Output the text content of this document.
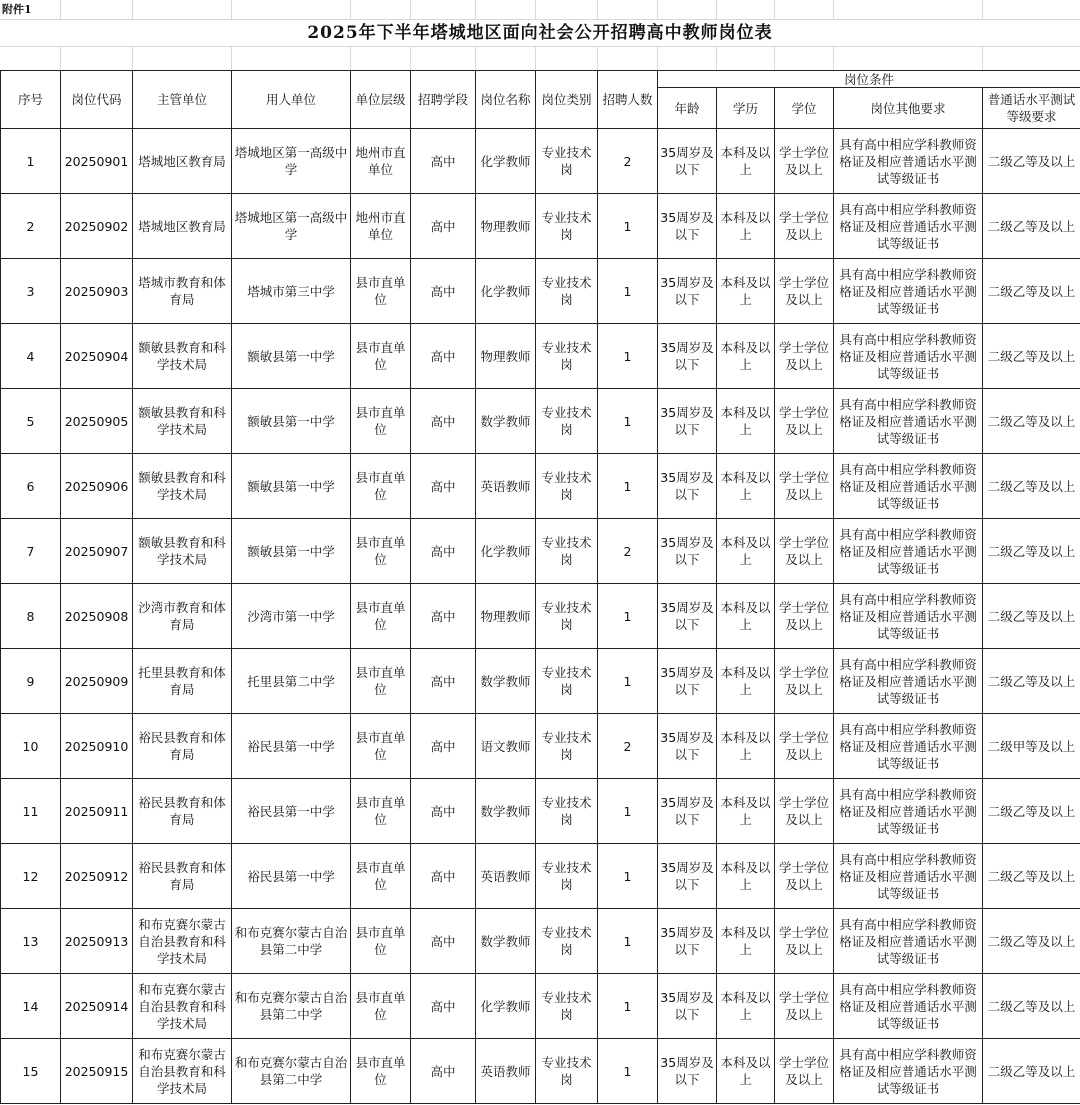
附件1
2025年下半年塔城地区面向社会公开招聘高中教师岗位表
序号	岗位代码	主管单位	用人单位	单位层级	招聘学段	岗位名称	岗位类别	招聘人数	岗位条件				
									年龄	学历	学位	岗位其他要求	普通话水平测试等级要求
1	20250901	塔城地区教育局	塔城地区第一高级中学	地州市直单位	高中	化学教师	专业技术岗	2	35周岁及以下	本科及以上	学士学位及以上	具有高中相应学科教师资格证及相应普通话水平测试等级证书	二级乙等及以上
2	20250902	塔城地区教育局	塔城地区第一高级中学	地州市直单位	高中	物理教师	专业技术岗	1	35周岁及以下	本科及以上	学士学位及以上	具有高中相应学科教师资格证及相应普通话水平测试等级证书	二级乙等及以上
3	20250903	塔城市教育和体育局	塔城市第三中学	县市直单位	高中	化学教师	专业技术岗	1	35周岁及以下	本科及以上	学士学位及以上	具有高中相应学科教师资格证及相应普通话水平测试等级证书	二级乙等及以上
4	20250904	额敏县教育和科学技术局	额敏县第一中学	县市直单位	高中	物理教师	专业技术岗	1	35周岁及以下	本科及以上	学士学位及以上	具有高中相应学科教师资格证及相应普通话水平测试等级证书	二级乙等及以上
5	20250905	额敏县教育和科学技术局	额敏县第一中学	县市直单位	高中	数学教师	专业技术岗	1	35周岁及以下	本科及以上	学士学位及以上	具有高中相应学科教师资格证及相应普通话水平测试等级证书	二级乙等及以上
6	20250906	额敏县教育和科学技术局	额敏县第一中学	县市直单位	高中	英语教师	专业技术岗	1	35周岁及以下	本科及以上	学士学位及以上	具有高中相应学科教师资格证及相应普通话水平测试等级证书	二级乙等及以上
7	20250907	额敏县教育和科学技术局	额敏县第一中学	县市直单位	高中	化学教师	专业技术岗	2	35周岁及以下	本科及以上	学士学位及以上	具有高中相应学科教师资格证及相应普通话水平测试等级证书	二级乙等及以上
8	20250908	沙湾市教育和体育局	沙湾市第一中学	县市直单位	高中	物理教师	专业技术岗	1	35周岁及以下	本科及以上	学士学位及以上	具有高中相应学科教师资格证及相应普通话水平测试等级证书	二级乙等及以上
9	20250909	托里县教育和体育局	托里县第二中学	县市直单位	高中	数学教师	专业技术岗	1	35周岁及以下	本科及以上	学士学位及以上	具有高中相应学科教师资格证及相应普通话水平测试等级证书	二级乙等及以上
10	20250910	裕民县教育和体育局	裕民县第一中学	县市直单位	高中	语文教师	专业技术岗	2	35周岁及以下	本科及以上	学士学位及以上	具有高中相应学科教师资格证及相应普通话水平测试等级证书	二级甲等及以上
11	20250911	裕民县教育和体育局	裕民县第一中学	县市直单位	高中	数学教师	专业技术岗	1	35周岁及以下	本科及以上	学士学位及以上	具有高中相应学科教师资格证及相应普通话水平测试等级证书	二级乙等及以上
12	20250912	裕民县教育和体育局	裕民县第一中学	县市直单位	高中	英语教师	专业技术岗	1	35周岁及以下	本科及以上	学士学位及以上	具有高中相应学科教师资格证及相应普通话水平测试等级证书	二级乙等及以上
13	20250913	和布克赛尔蒙古自治县教育和科学技术局	和布克赛尔蒙古自治县第二中学	县市直单位	高中	数学教师	专业技术岗	1	35周岁及以下	本科及以上	学士学位及以上	具有高中相应学科教师资格证及相应普通话水平测试等级证书	二级乙等及以上
14	20250914	和布克赛尔蒙古自治县教育和科学技术局	和布克赛尔蒙古自治县第二中学	县市直单位	高中	化学教师	专业技术岗	1	35周岁及以下	本科及以上	学士学位及以上	具有高中相应学科教师资格证及相应普通话水平测试等级证书	二级乙等及以上
15	20250915	和布克赛尔蒙古自治县教育和科学技术局	和布克赛尔蒙古自治县第二中学	县市直单位	高中	英语教师	专业技术岗	1	35周岁及以下	本科及以上	学士学位及以上	具有高中相应学科教师资格证及相应普通话水平测试等级证书	二级乙等及以上
